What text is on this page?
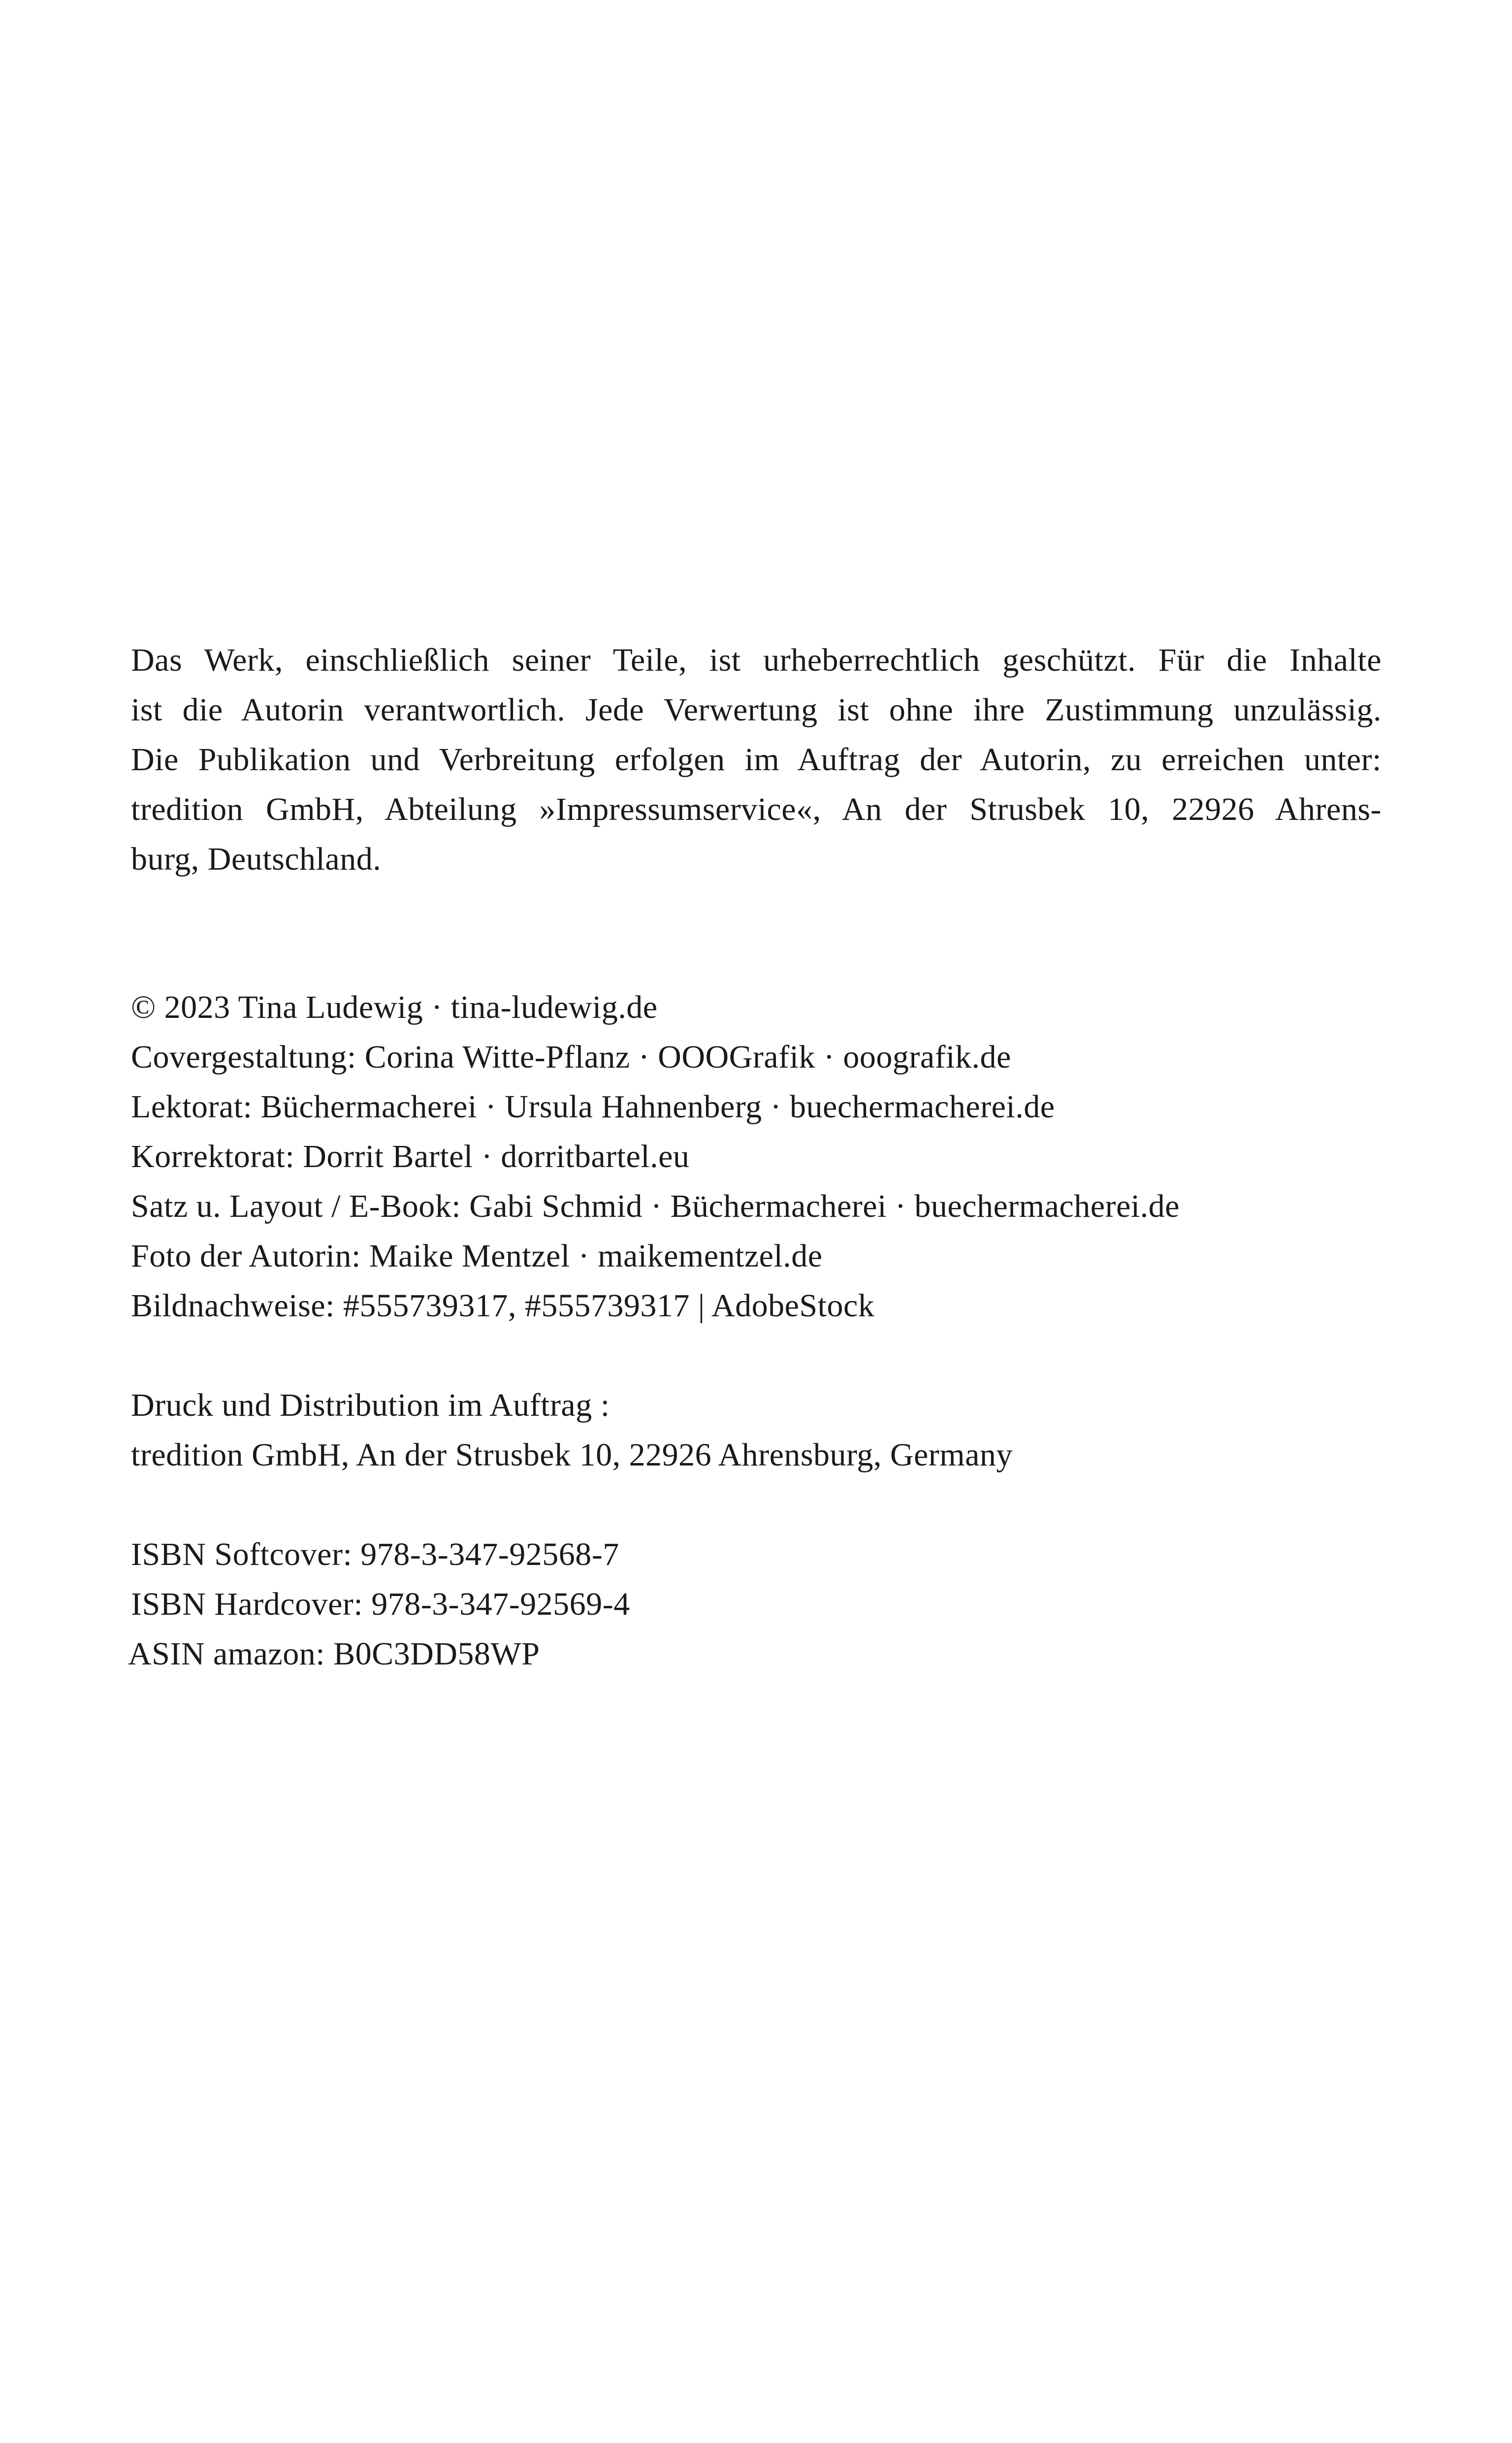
Das Werk, einschließlich seiner Teile, ist urheberrechtlich geschützt. Für die Inhalte
ist die Autorin verantwortlich. Jede Verwertung ist ohne ihre Zustimmung unzulässig.
Die Publikation und Verbreitung erfolgen im Auftrag der Autorin, zu erreichen unter:
tredition GmbH, Abteilung »Impressumservice«, An der Strusbek 10, 22926 Ahrens-
burg, Deutschland.
© 2023 Tina Ludewig · tina-ludewig.de
Covergestaltung: Corina Witte-Pflanz · OOOGrafik · ooografik.de
Lektorat: Büchermacherei · Ursula Hahnenberg · buechermacherei.de
Korrektorat: Dorrit Bartel · dorritbartel.eu
Satz u. Layout / E-Book: Gabi Schmid · Büchermacherei · buechermacherei.de
Foto der Autorin: Maike Mentzel · maikementzel.de
Bildnachweise: #555739317, #555739317 | AdobeStock
Druck und Distribution im Auftrag :
tredition GmbH, An der Strusbek 10, 22926 Ahrensburg, Germany
ISBN Softcover: 978-3-347-92568-7
ISBN Hardcover: 978-3-347-92569-4
ASIN amazon: B0C3DD58WP
